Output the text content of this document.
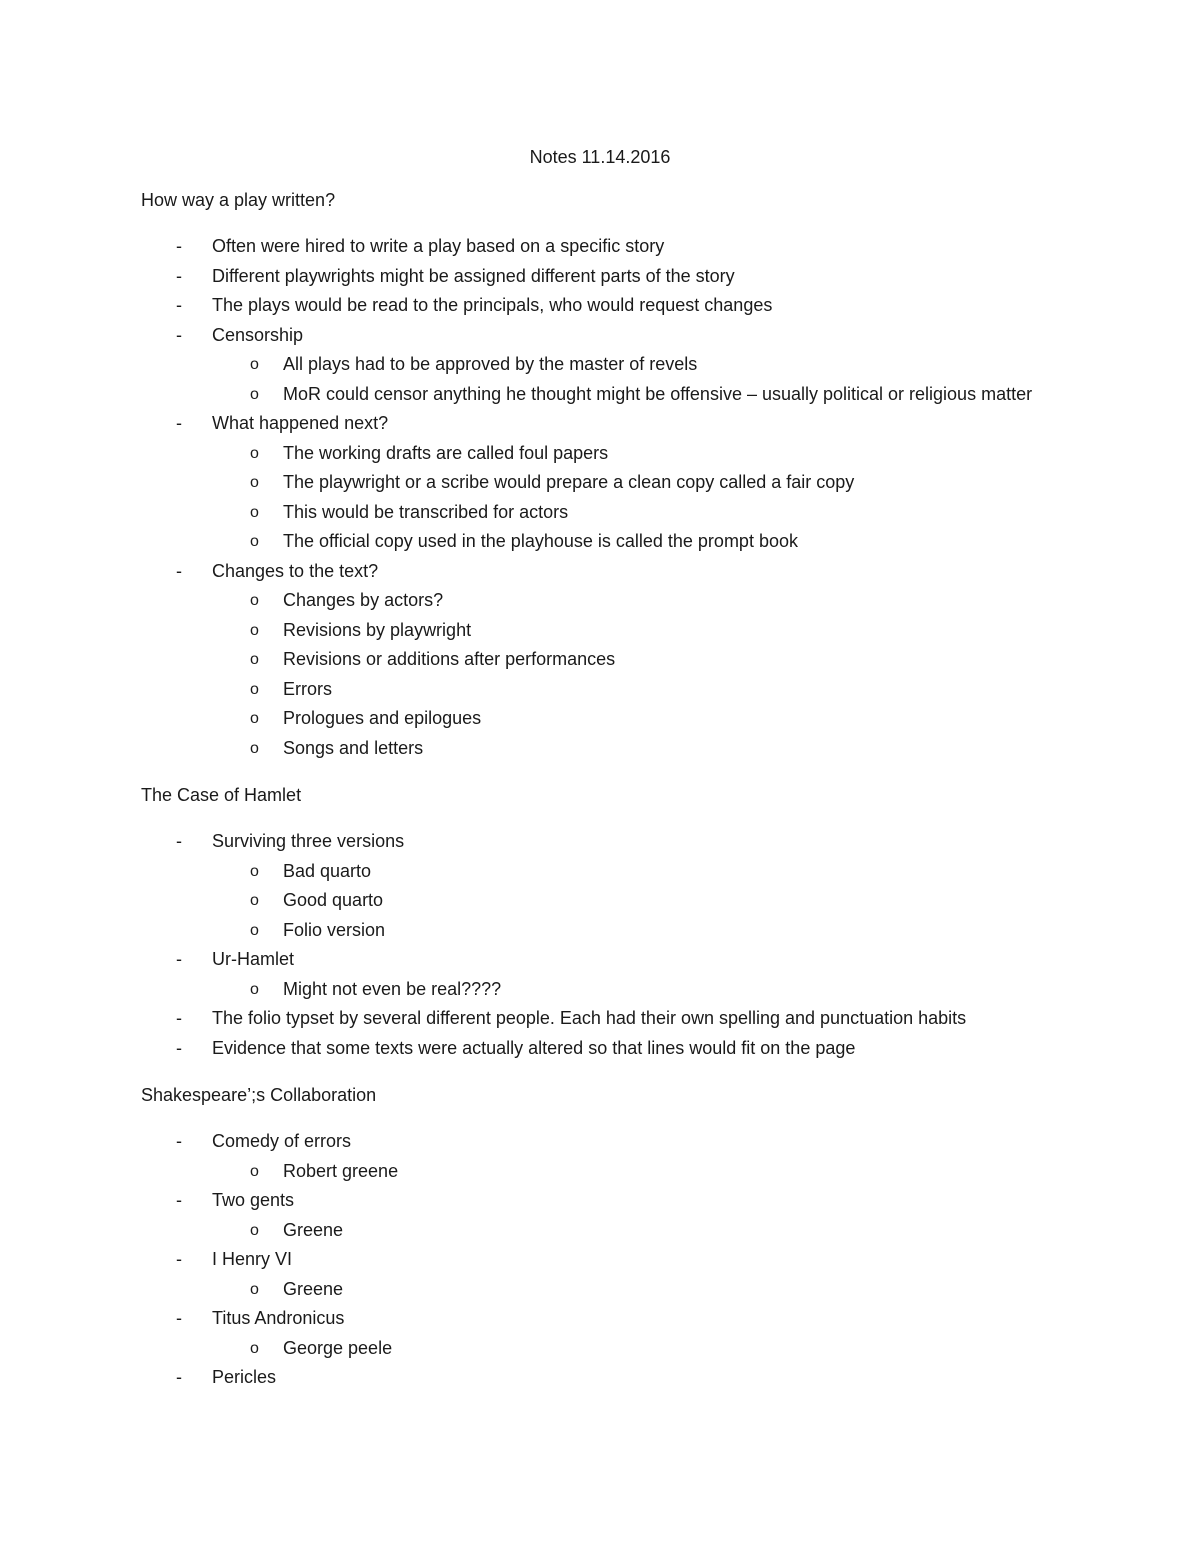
Notes 11.14.2016
How way a play written?
- Often were hired to write a play based on a specific story
- Different playwrights might be assigned different parts of the story
- The plays would be read to the principals, who would request changes
- Censorship
o All plays had to be approved by the master of revels
o MoR could censor anything he thought might be offensive – usually political or religious matter
- What happened next?
o The working drafts are called foul papers
o The playwright or a scribe would prepare a clean copy called a fair copy
o This would be transcribed for actors
o The official copy used in the playhouse is called the prompt book
- Changes to the text?
o Changes by actors?
o Revisions by playwright
o Revisions or additions after performances
o Errors
o Prologues and epilogues
o Songs and letters
The Case of Hamlet
- Surviving three versions
o Bad quarto
o Good quarto
o Folio version
- Ur-Hamlet
o Might not even be real????
- The folio typset by several different people. Each had their own spelling and punctuation habits
- Evidence that some texts were actually altered so that lines would fit on the page
Shakespeare’;s Collaboration
- Comedy of errors
o Robert greene
- Two gents
o Greene
- I Henry VI
o Greene
- Titus Andronicus
o George peele
- Pericles
